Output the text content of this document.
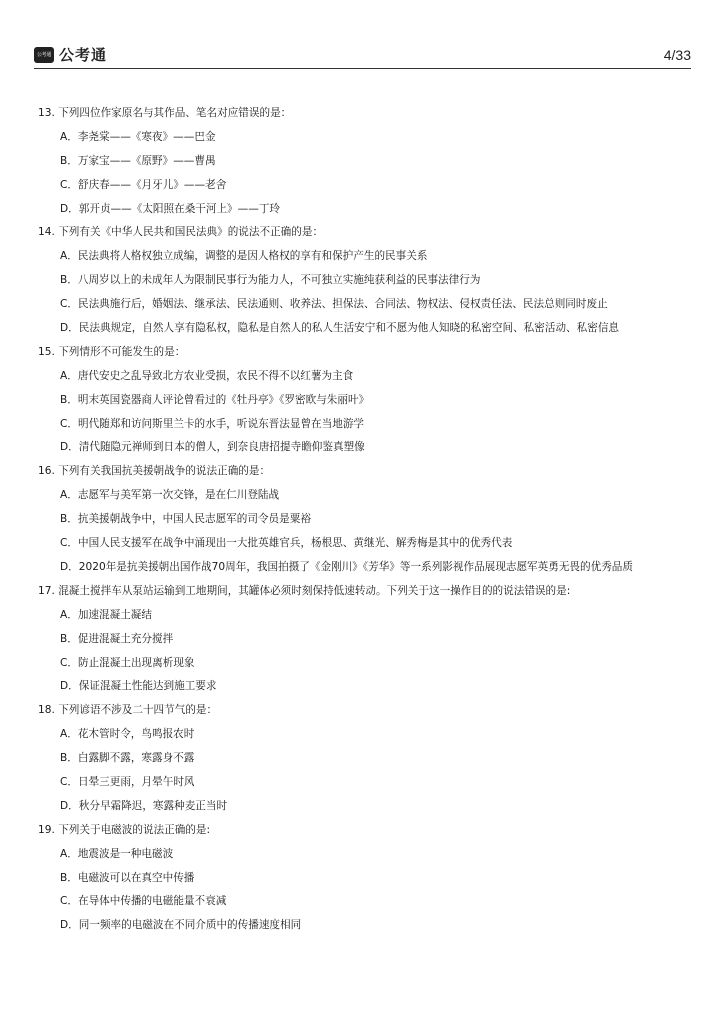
公考通 公考通	4/33
13. 下列四位作家原名与其作品、笔名对应错误的是：
A．李尧棠——《寒夜》——巴金
B．万家宝——《原野》——曹禺
C．舒庆春——《月牙儿》——老舍
D．郭开贞——《太阳照在桑干河上》——丁玲
14. 下列有关《中华人民共和国民法典》的说法不正确的是：
A．民法典将人格权独立成编，调整的是因人格权的享有和保护产生的民事关系
B．八周岁以上的未成年人为限制民事行为能力人，不可独立实施纯获利益的民事法律行为
C．民法典施行后，婚姻法、继承法、民法通则、收养法、担保法、合同法、物权法、侵权责任法、民法总则同时废止
D．民法典规定，自然人享有隐私权，隐私是自然人的私人生活安宁和不愿为他人知晓的私密空间、私密活动、私密信息
15. 下列情形不可能发生的是：
A．唐代安史之乱导致北方农业受损，农民不得不以红薯为主食
B．明末英国瓷器商人评论曾看过的《牡丹亭》《罗密欧与朱丽叶》
C．明代随郑和访问斯里兰卡的水手，听说东晋法显曾在当地游学
D．清代随隐元禅师到日本的僧人，到奈良唐招提寺瞻仰鉴真塑像
16. 下列有关我国抗美援朝战争的说法正确的是：
A．志愿军与美军第一次交锋，是在仁川登陆战
B．抗美援朝战争中，中国人民志愿军的司令员是粟裕
C．中国人民支援军在战争中涌现出一大批英雄官兵，杨根思、黄继光、解秀梅是其中的优秀代表
D．2020年是抗美援朝出国作战70周年，我国拍摄了《金刚川》《芳华》等一系列影视作品展现志愿军英勇无畏的优秀品质
17. 混凝土搅拌车从泵站运输到工地期间，其罐体必须时刻保持低速转动。下列关于这一操作目的的说法错误的是:
A．加速混凝土凝结
B．促进混凝土充分搅拌
C．防止混凝土出现离析现象
D．保证混凝土性能达到施工要求
18. 下列谚语不涉及二十四节气的是：
A．花木管时令，鸟鸣报农时
B．白露脚不露，寒露身不露
C．日晕三更雨，月晕午时风
D．秋分早霜降迟，寒露种麦正当时
19. 下列关于电磁波的说法正确的是:
A．地震波是一种电磁波
B．电磁波可以在真空中传播
C．在导体中传播的电磁能量不衰减
D．同一频率的电磁波在不同介质中的传播速度相同
